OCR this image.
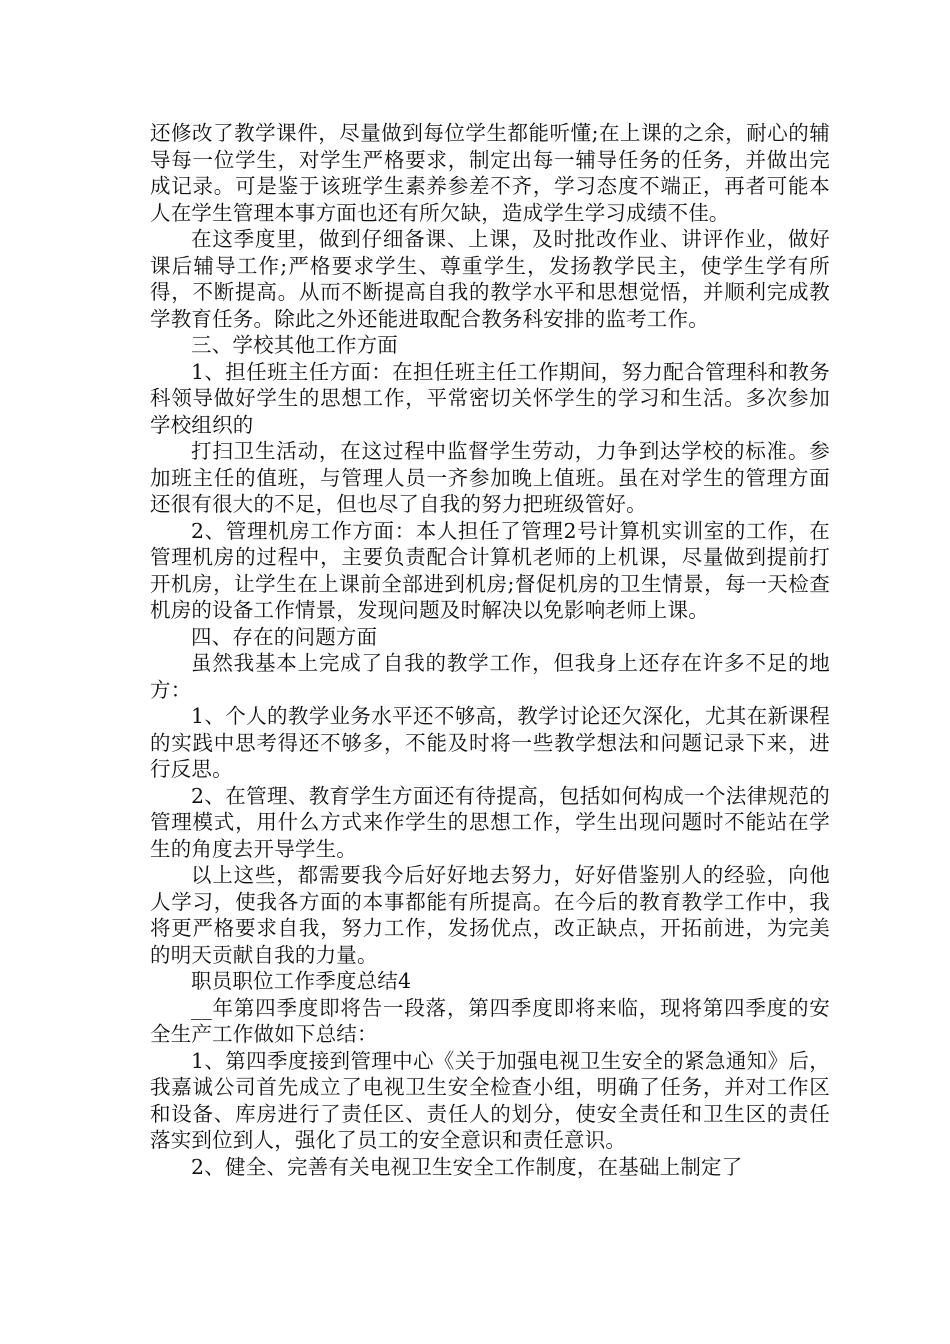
还修改了教学课件，尽量做到每位学生都能听懂;在上课的之余，耐心的辅导每一位学生，对学生严格要求，制定出每一辅导任务的任务，并做出完成记录。可是鉴于该班学生素养参差不齐，学习态度不端正，再者可能本人在学生管理本事方面也还有所欠缺，造成学生学习成绩不佳。

在这季度里，做到仔细备课、上课，及时批改作业、讲评作业，做好课后辅导工作;严格要求学生、尊重学生，发扬教学民主，使学生学有所得，不断提高。从而不断提高自我的教学水平和思想觉悟，并顺利完成教学教育任务。除此之外还能进取配合教务科安排的监考工作。

三、学校其他工作方面

1、担任班主任方面：在担任班主任工作期间，努力配合管理科和教务科领导做好学生的思想工作，平常密切关怀学生的学习和生活。多次参加学校组织的

打扫卫生活动，在这过程中监督学生劳动，力争到达学校的标准。参加班主任的值班，与管理人员一齐参加晚上值班。虽在对学生的管理方面还很有很大的不足，但也尽了自我的努力把班级管好。

2、管理机房工作方面：本人担任了管理2号计算机实训室的工作，在管理机房的过程中，主要负责配合计算机老师的上机课，尽量做到提前打开机房，让学生在上课前全部进到机房;督促机房的卫生情景，每一天检查机房的设备工作情景，发现问题及时解决以免影响老师上课。

四、存在的问题方面

虽然我基本上完成了自我的教学工作，但我身上还存在许多不足的地方：

1、个人的教学业务水平还不够高，教学讨论还欠深化，尤其在新课程的实践中思考得还不够多，不能及时将一些教学想法和问题记录下来，进行反思。

2、在管理、教育学生方面还有待提高，包括如何构成一个法律规范的管理模式，用什么方式来作学生的思想工作，学生出现问题时不能站在学生的角度去开导学生。

以上这些，都需要我今后好好地去努力，好好借鉴别人的经验，向他人学习，使我各方面的本事都能有所提高。在今后的教育教学工作中，我将更严格要求自我，努力工作，发扬优点，改正缺点，开拓前进，为完美的明天贡献自我的力量。

职员职位工作季度总结4

__年第四季度即将告一段落，第四季度即将来临，现将第四季度的安全生产工作做如下总结：

1、第四季度接到管理中心《关于加强电视卫生安全的紧急通知》后，我嘉诚公司首先成立了电视卫生安全检查小组，明确了任务，并对工作区和设备、库房进行了责任区、责任人的划分，使安全责任和卫生区的责任落实到位到人，强化了员工的安全意识和责任意识。

2、健全、完善有关电视卫生安全工作制度，在基础上制定了
